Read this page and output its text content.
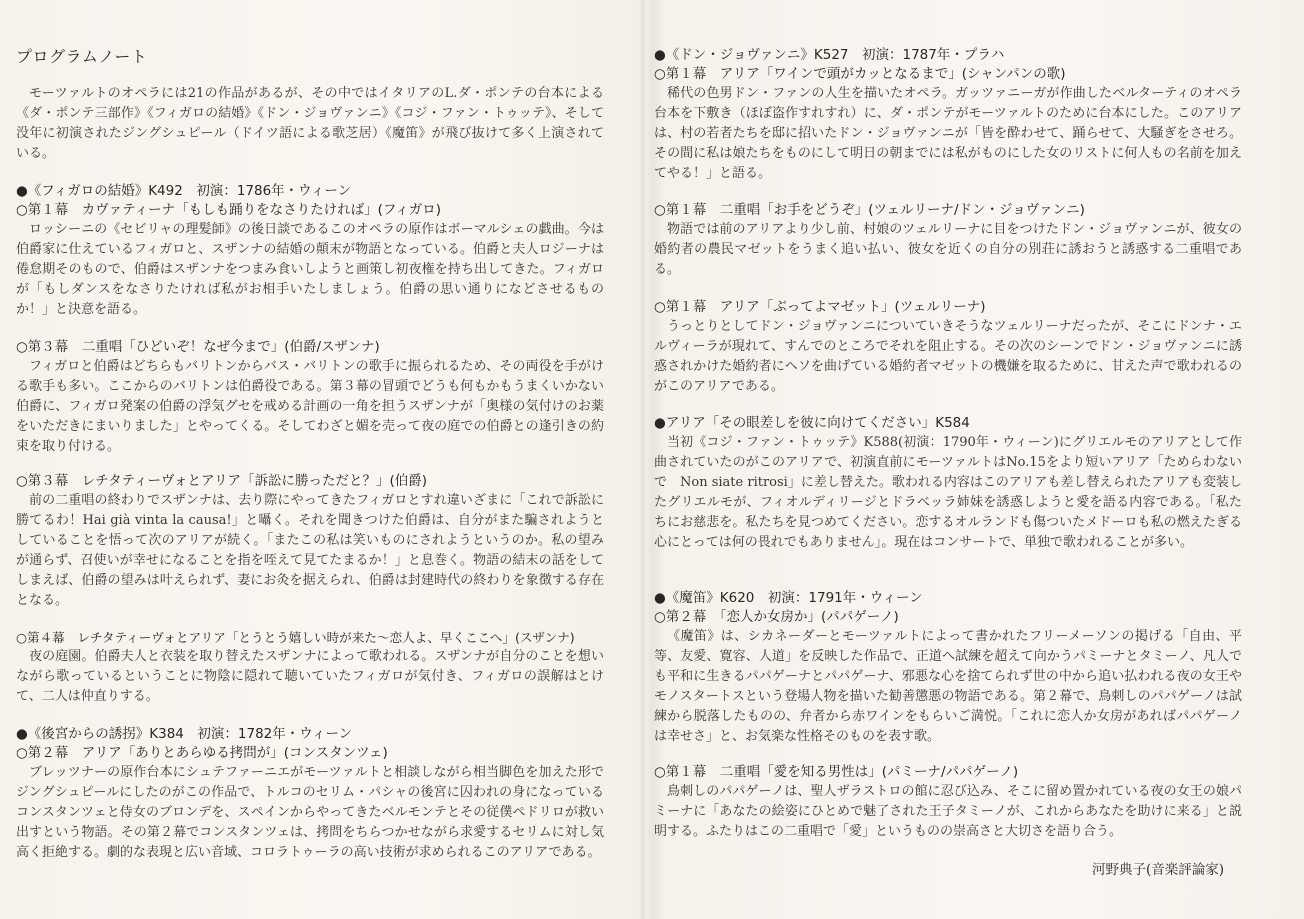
プログラムノート

モーツァルトのオペラには21の作品があるが、その中ではイタリアのL.ダ・ポンテの台本による《ダ・ポンテ三部作》《フィガロの結婚》《ドン・ジョヴァンニ》《コジ・ファン・トゥッテ》、そして没年に初演されたジングシュピール（ドイツ語による歌芝居）《魔笛》が飛び抜けて多く上演されている。

●《フィガロの結婚》K492　初演：1786年・ウィーン

○第１幕　カヴァティーナ「もしも踊りをなさりたければ」(フィガロ)

ロッシーニの《セビリャの理髪師》の後日談であるこのオペラの原作はボーマルシェの戯曲。今は伯爵家に仕えているフィガロと、スザンナの結婚の顛末が物語となっている。伯爵と夫人ロジーナは倦怠期そのもので、伯爵はスザンナをつまみ食いしようと画策し初夜権を持ち出してきた。フィガロが「もしダンスをなさりたければ私がお相手いたしましょう。伯爵の思い通りになどさせるものか！」と決意を語る。

○第３幕　二重唱「ひどいぞ！なぜ今まで」(伯爵/スザンナ)

フィガロと伯爵はどちらもバリトンからバス・バリトンの歌手に振られるため、その両役を手がける歌手も多い。ここからのバリトンは伯爵役である。第３幕の冒頭でどうも何もかもうまくいかない伯爵に、フィガロ発案の伯爵の浮気グセを戒める計画の一角を担うスザンナが「奥様の気付けのお薬をいただきにまいりました」とやってくる。そしてわざと媚を売って夜の庭での伯爵との逢引きの約束を取り付ける。

○第３幕　レチタティーヴォとアリア「訴訟に勝っただと？」(伯爵)

前の二重唱の終わりでスザンナは、去り際にやってきたフィガロとすれ違いざまに「これで訴訟に勝てるわ！Hai già vinta la causa!」と囁く。それを聞きつけた伯爵は、自分がまた騙されようとしていることを悟って次のアリアが続く。「またこの私は笑いものにされようというのか。私の望みが通らず、召使いが幸せになることを指を咥えて見てたまるか！」と息巻く。物語の結末の話をしてしまえば、伯爵の望みは叶えられず、妻にお灸を据えられ、伯爵は封建時代の終わりを象徴する存在となる。

○第４幕　レチタティーヴォとアリア「とうとう嬉しい時が来た〜恋人よ、早くここへ」(スザンナ)

夜の庭園。伯爵夫人と衣装を取り替えたスザンナによって歌われる。スザンナが自分のことを想いながら歌っているということに物陰に隠れて聴いていたフィガロが気付き、フィガロの誤解はとけて、二人は仲直りする。

●《後宮からの誘拐》K384　初演：1782年・ウィーン

○第２幕　アリア「ありとあらゆる拷問が」(コンスタンツェ)

ブレッツナーの原作台本にシュテファーニエがモーツァルトと相談しながら相当脚色を加えた形でジングシュピールにしたのがこの作品で、トルコのセリム・パシャの後宮に囚われの身になっているコンスタンツェと侍女のブロンデを、スペインからやってきたベルモンテとその従僕ペドリロが救い出すという物語。その第２幕でコンスタンツェは、拷問をちらつかせながら求愛するセリムに対し気高く拒絶する。劇的な表現と広い音域、コロラトゥーラの高い技術が求められるこのアリアである。

●《ドン・ジョヴァンニ》K527　初演：1787年・プラハ

○第１幕　アリア「ワインで頭がカッとなるまで」(シャンパンの歌)

稀代の色男ドン・ファンの人生を描いたオペラ。ガッツァニーガが作曲したベルターティのオペラ台本を下敷き（ほぼ盗作すれすれ）に、ダ・ポンテがモーツァルトのために台本にした。このアリアは、村の若者たちを邸に招いたドン・ジョヴァンニが「皆を酔わせて、踊らせて、大騒ぎをさせろ。その間に私は娘たちをものにして明日の朝までには私がものにした女のリストに何人もの名前を加えてやる！」と語る。

○第１幕　二重唱「お手をどうぞ」(ツェルリーナ/ドン・ジョヴァンニ)

物語では前のアリアより少し前、村娘のツェルリーナに目をつけたドン・ジョヴァンニが、彼女の婚約者の農民マゼットをうまく追い払い、彼女を近くの自分の別荘に誘おうと誘惑する二重唱である。

○第１幕　アリア「ぶってよマゼット」(ツェルリーナ)

うっとりとしてドン・ジョヴァンニについていきそうなツェルリーナだったが、そこにドンナ・エルヴィーラが現れて、すんでのところでそれを阻止する。その次のシーンでドン・ジョヴァンニに誘惑されかけた婚約者にヘソを曲げている婚約者マゼットの機嫌を取るために、甘えた声で歌われるのがこのアリアである。

●アリア「その眼差しを彼に向けてください」K584

当初《コジ・ファン・トゥッテ》K588(初演：1790年・ウィーン)にグリエルモのアリアとして作曲されていたのがこのアリアで、初演直前にモーツァルトはNo.15をより短いアリア「ためらわないで　Non siate ritrosi」に差し替えた。歌われる内容はこのアリアも差し替えられたアリアも変装したグリエルモが、フィオルディリージとドラベッラ姉妹を誘惑しようと愛を語る内容である。「私たちにお慈悲を。私たちを見つめてください。恋するオルランドも傷ついたメドーロも私の燃えたぎる心にとっては何の畏れでもありません」。現在はコンサートで、単独で歌われることが多い。

●《魔笛》K620　初演：1791年・ウィーン

○第２幕　「恋人か女房か」(パパゲーノ)

《魔笛》は、シカネーダーとモーツァルトによって書かれたフリーメーソンの掲げる「自由、平等、友愛、寛容、人道」を反映した作品で、正道へ試練を超えて向かうパミーナとタミーノ、凡人でも平和に生きるパパゲーナとパパゲーナ、邪悪な心を捨てられず世の中から追い払われる夜の女王やモノスタートスという登場人物を描いた勧善懲悪の物語である。第２幕で、鳥刺しのパパゲーノは試練から脱落したものの、弁者から赤ワインをもらいご満悦。「これに恋人か女房があればパパゲーノは幸せさ」と、お気楽な性格そのものを表す歌。

○第１幕　二重唱「愛を知る男性は」(パミーナ/パパゲーノ)

鳥刺しのパパゲーノは、聖人ザラストロの館に忍び込み、そこに留め置かれている夜の女王の娘パミーナに「あなたの絵姿にひとめで魅了された王子タミーノが、これからあなたを助けに来る」と説明する。ふたりはこの二重唱で「愛」というものの崇高さと大切さを語り合う。

河野典子(音楽評論家)
